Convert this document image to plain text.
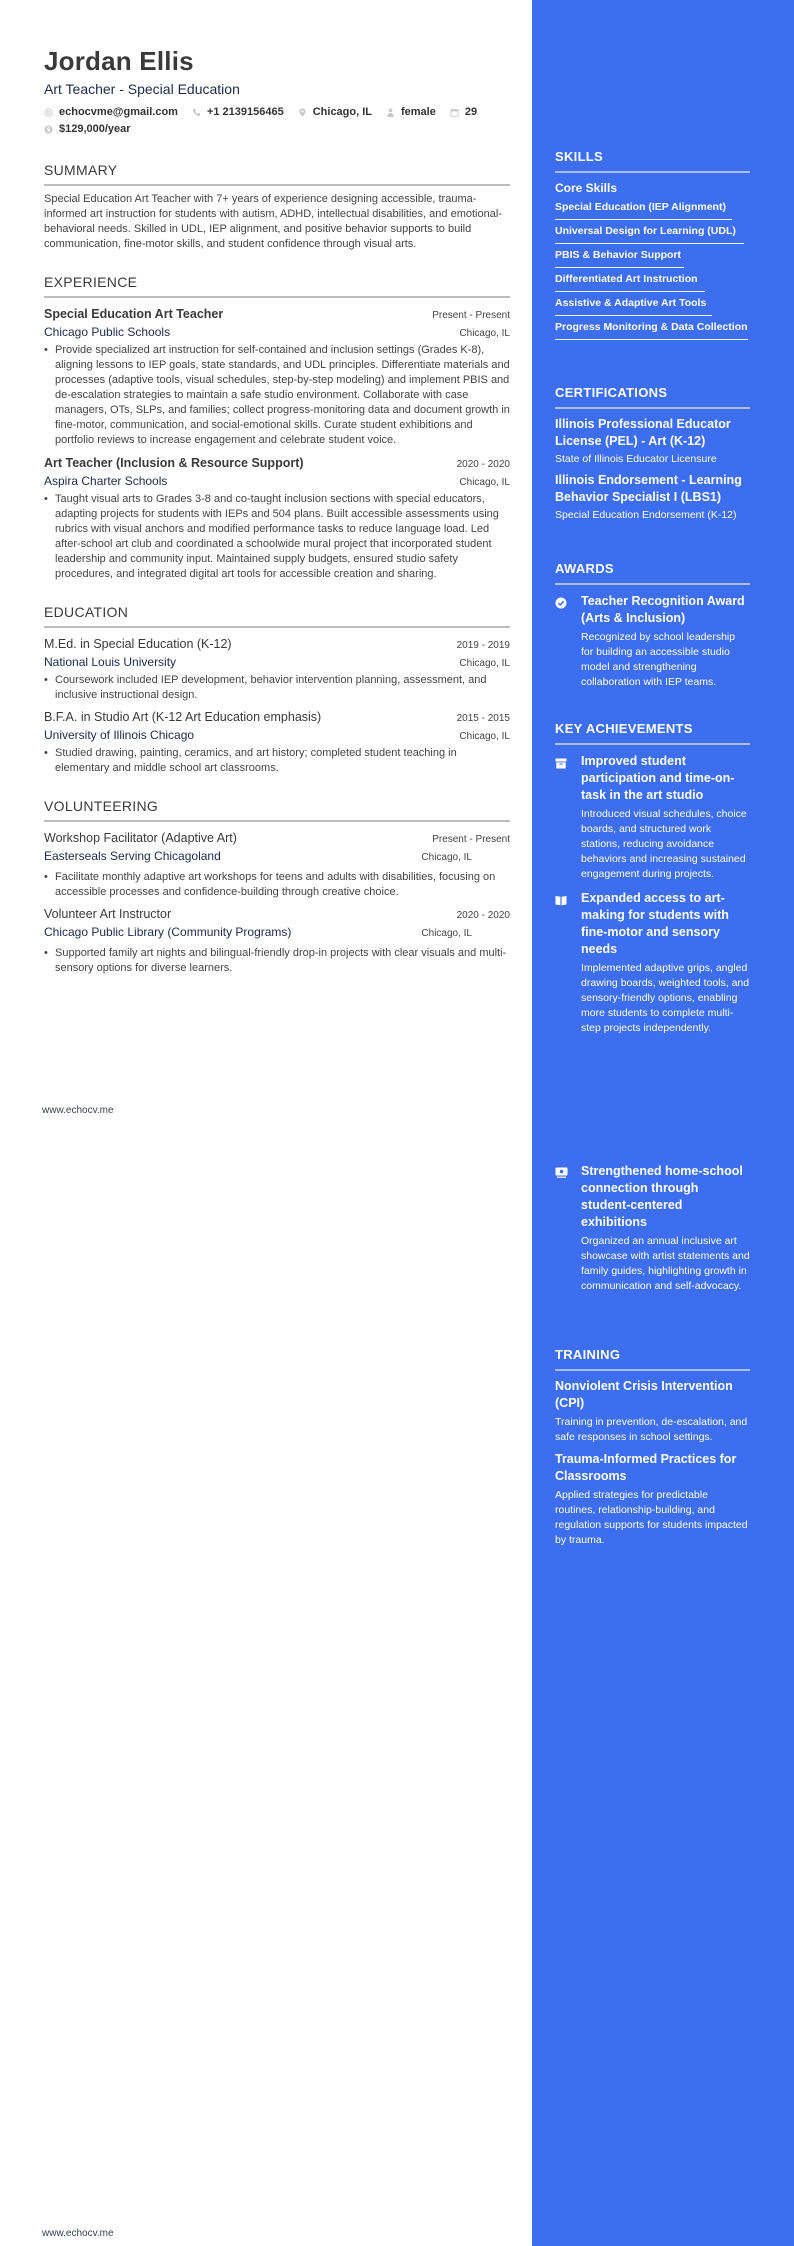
Jordan Ellis
Art Teacher - Special Education
echocvme@gmail.com	+1 2139156465	Chicago, IL	female	29
$ $129,000/year
SUMMARY
Special Education Art Teacher with 7+ years of experience designing accessible, trauma-informed art instruction for students with autism, ADHD, intellectual disabilities, and emotional-behavioral needs. Skilled in UDL, IEP alignment, and positive behavior supports to build communication, fine-motor skills, and student confidence through visual arts.
EXPERIENCE
Special Education Art Teacher	Present - Present
Chicago Public Schools	Chicago, IL
• Provide specialized art instruction for self-contained and inclusion settings (Grades K-8), aligning lessons to IEP goals, state standards, and UDL principles. Differentiate materials and processes (adaptive tools, visual schedules, step-by-step modeling) and implement PBIS and de-escalation strategies to maintain a safe studio environment. Collaborate with case managers, OTs, SLPs, and families; collect progress-monitoring data and document growth in fine-motor, communication, and social-emotional skills. Curate student exhibitions and portfolio reviews to increase engagement and celebrate student voice.
Art Teacher (Inclusion & Resource Support)	2020 - 2020
Aspira Charter Schools	Chicago, IL
• Taught visual arts to Grades 3-8 and co-taught inclusion sections with special educators, adapting projects for students with IEPs and 504 plans. Built accessible assessments using rubrics with visual anchors and modified performance tasks to reduce language load. Led after-school art club and coordinated a schoolwide mural project that incorporated student leadership and community input. Maintained supply budgets, ensured studio safety procedures, and integrated digital art tools for accessible creation and sharing.
EDUCATION
M.Ed. in Special Education (K-12)	2019 - 2019
National Louis University	Chicago, IL
• Coursework included IEP development, behavior intervention planning, assessment, and inclusive instructional design.
B.F.A. in Studio Art (K-12 Art Education emphasis)	2015 - 2015
University of Illinois Chicago	Chicago, IL
• Studied drawing, painting, ceramics, and art history; completed student teaching in elementary and middle school art classrooms.
VOLUNTEERING
Workshop Facilitator (Adaptive Art)	Present - Present
Easterseals Serving Chicagoland	Chicago, IL
• Facilitate monthly adaptive art workshops for teens and adults with disabilities, focusing on accessible processes and confidence-building through creative choice.
Volunteer Art Instructor	2020 - 2020
Chicago Public Library (Community Programs)	Chicago, IL
• Supported family art nights and bilingual-friendly drop-in projects with clear visuals and multi-sensory options for diverse learners.
www.echocv.me
www.echocv.me
SKILLS
Core Skills
Special Education (IEP Alignment)
Universal Design for Learning (UDL)
PBIS & Behavior Support
Differentiated Art Instruction
Assistive & Adaptive Art Tools
Progress Monitoring & Data Collection
CERTIFICATIONS
Illinois Professional Educator License (PEL) - Art (K-12)
State of Illinois Educator Licensure
Illinois Endorsement - Learning Behavior Specialist I (LBS1)
Special Education Endorsement (K-12)
AWARDS
Teacher Recognition Award (Arts & Inclusion)
Recognized by school leadership for building an accessible studio model and strengthening collaboration with IEP teams.
KEY ACHIEVEMENTS
Improved student participation and time-on-task in the art studio
Introduced visual schedules, choice boards, and structured work stations, reducing avoidance behaviors and increasing sustained engagement during projects.
Expanded access to art-making for students with fine-motor and sensory needs
Implemented adaptive grips, angled drawing boards, weighted tools, and sensory-friendly options, enabling more students to complete multi-step projects independently.
Strengthened home-school connection through student-centered exhibitions
Organized an annual inclusive art showcase with artist statements and family guides, highlighting growth in communication and self-advocacy.
TRAINING
Nonviolent Crisis Intervention (CPI)
Training in prevention, de-escalation, and safe responses in school settings.
Trauma-Informed Practices for Classrooms
Applied strategies for predictable routines, relationship-building, and regulation supports for students impacted by trauma.
